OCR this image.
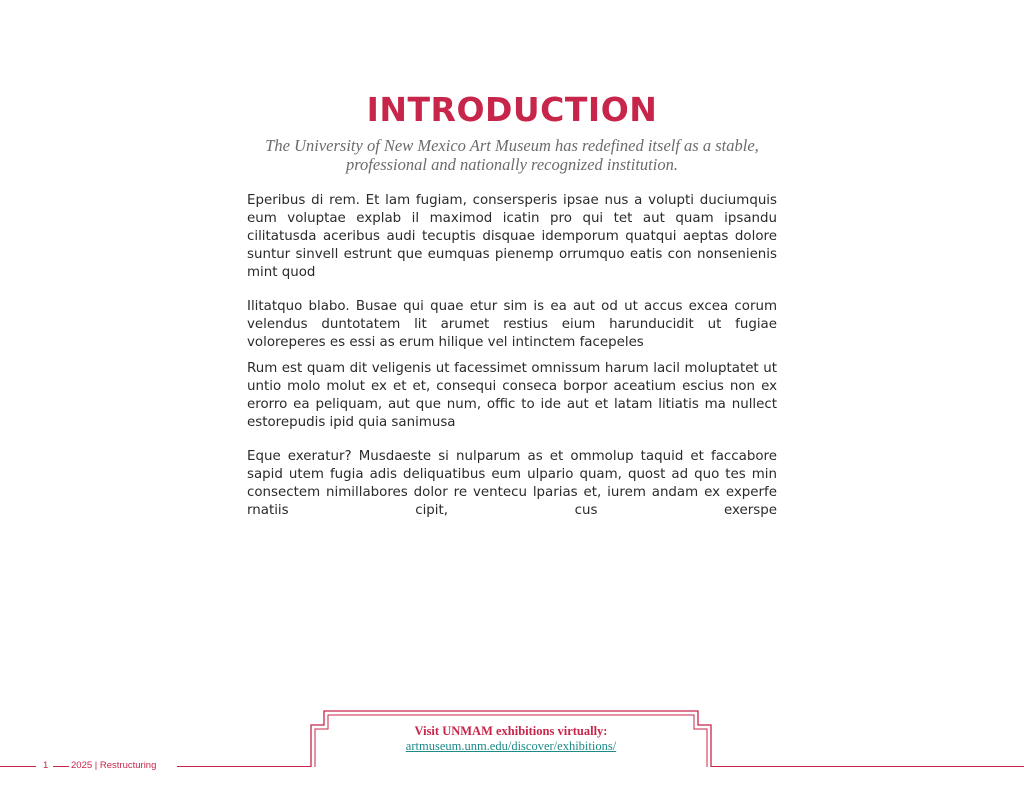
INTRODUCTION

The University of New Mexico Art Museum has redefined itself as a stable, professional and nationally recognized institution.

Eperibus di rem. Et lam fugiam, consersperis ipsae nus a volupti duciumquis eum voluptae explab il maximod icatin pro qui tet aut quam ipsandu cilitatusda aceribus audi tecuptis disquae idemporum quatqui aeptas dolore suntur sinvell estrunt que eumquas pienemp orrumquo eatis con nonsenienis mint quod

Ilitatquo blabo. Busae qui quae etur sim is ea aut od ut accus excea corum velendus duntotatem lit arumet restius eium harunducidit ut fugiae voloreperes es essi as erum hilique vel intinctem facepeles

Rum est quam dit veligenis ut facessimet omnissum harum lacil moluptatet ut untio molo molut ex et et, consequi conseca borpor aceatium escius non ex erorro ea peliquam, aut que num, offic to ide aut et latam litiatis ma nullect estorepudis ipid quia sanimusa

Eque exeratur? Musdaeste si nulparum as et ommolup taquid et faccabore sapid utem fugia adis deliquatibus eum ulpario quam, quost ad quo tes min consectem nimillabores dolor re ventecu lparias et, iurem andam ex experfe rnatiis cipit, cus exerspe

Visit UNMAM exhibitions virtually:
artmuseum.unm.edu/discover/exhibitions/
1 2025 | Restructuring
